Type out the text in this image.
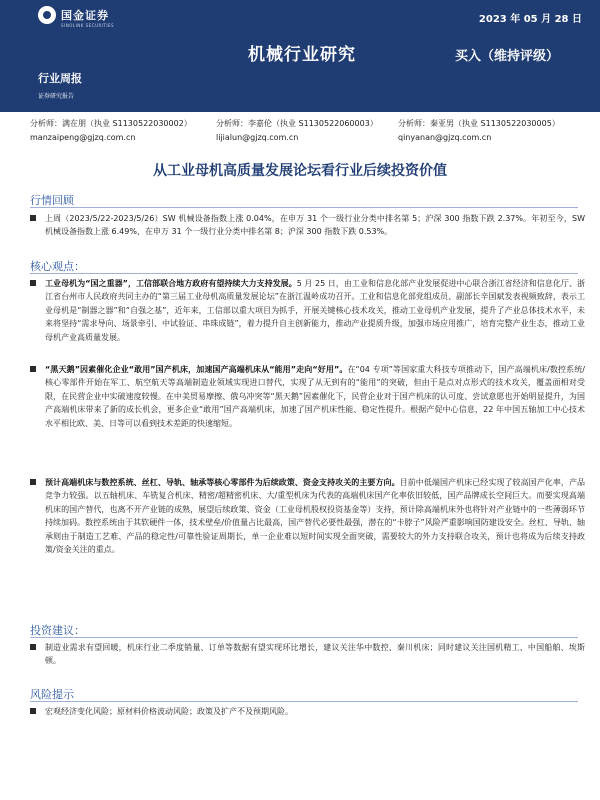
国金证券
SINOLINK SECURITIES
2023 年 05 月 28 日
机械行业研究	买入（维持评级）
行业周报
证券研究报告
分析师：满在朋（执业 S1130522030002）
manzaipeng@gjzq.com.cn
分析师：李嘉伦（执业 S1130522060003）
lijialun@gjzq.com.cn
分析师：秦亚男（执业 S1130522030005）
qinyanan@gjzq.com.cn
从工业母机高质量发展论坛看行业后续投资价值
行情回顾
上周（2023/5/22-2023/5/26）SW 机械设备指数上涨 0.04%，在申万 31 个一级行业分类中排名第 5；沪深 300 指数下跌 2.37%。年初至今，SW 机械设备指数上涨 6.49%，在申万 31 个一级行业分类中排名第 8；沪深 300 指数下跌 0.53%。
核心观点：
工业母机为“国之重器”，工信部联合地方政府有望持续大力支持发展。5 月 25 日，由工业和信息化部产业发展促进中心联合浙江省经济和信息化厅、浙江省台州市人民政府共同主办的“第三届工业母机高质量发展论坛”在浙江温岭成功召开。工业和信息化部党组成员、副部长辛国斌发表视频致辞，表示工业母机是“制器之器”和“自强之基”，近年来，工信部以重大项目为抓手，开展关键核心技术攻关，推动工业母机产业发展，提升了产业总体技术水平，未来将坚持“需求导向、场景牵引、中试验证、串珠成链”，着力提升自主创新能力，推动产业提质升级，加强市场应用推广，培育完整产业生态，推动工业母机产业高质量发展。
“黑天鹅”因素催化企业“敢用”国产机床，加速国产高端机床从“能用”走向“好用”。在“04 专项”等国家重大科技专项推动下，国产高端机床/数控系统/核心零部件开始在军工、航空航天等高端制造业领域实现进口替代，实现了从无到有的“能用”的突破，但由于是点对点形式的技术攻关，覆盖面相对受限，在民营企业中实破速度较慢。在中美贸易摩擦、俄乌冲突等“黑天鹅”因素催化下，民营企业对于国产机床的认可度、尝试意愿也开始明显提升，为国产高端机床带来了新的成长机会，更多企业“敢用”国产高端机床，加速了国产机床性能、稳定性提升。根据产促中心信息，22 年中国五轴加工中心技术水平相比欧、美、日等可以看到技术差距的快速缩短。
预计高端机床与数控系统、丝杠、导轨、轴承等核心零部件为后续政策、资金支持攻关的主要方向。目前中低端国产机床已经实现了较高国产化率，产品竞争力较强。以五轴机床、车铣复合机床、精密/超精密机床、大/重型机床为代表的高端机床国产化率依旧较低，国产品牌成长空间巨大。而要实现高端机床的国产替代，也离不开产业链的成熟，展望后续政策、资金（工业母机股权投资基金等）支持，预计除高端机床外也将针对产业链中的一些薄弱环节持续加码。数控系统由于其软硬件一体，技术壁垒/价值量占比最高，国产替代必要性最强，潜在的“卡脖子”风险严重影响国防建设安全。丝杠、导轨、轴承则由于制造工艺难、产品的稳定性/可靠性验证周期长，单一企业难以短时间实现全面突破，需要较大的外力支持联合攻关，预计也将成为后续支持政策/资金关注的重点。
投资建议：
制造业需求有望回暖，机床行业二季度销量、订单等数据有望实现环比增长，建议关注华中数控、秦川机床；同时建议关注国机精工、中国船舶、埃斯顿。
风险提示
宏观经济变化风险；原材料价格波动风险；政策及扩产不及预期风险。
